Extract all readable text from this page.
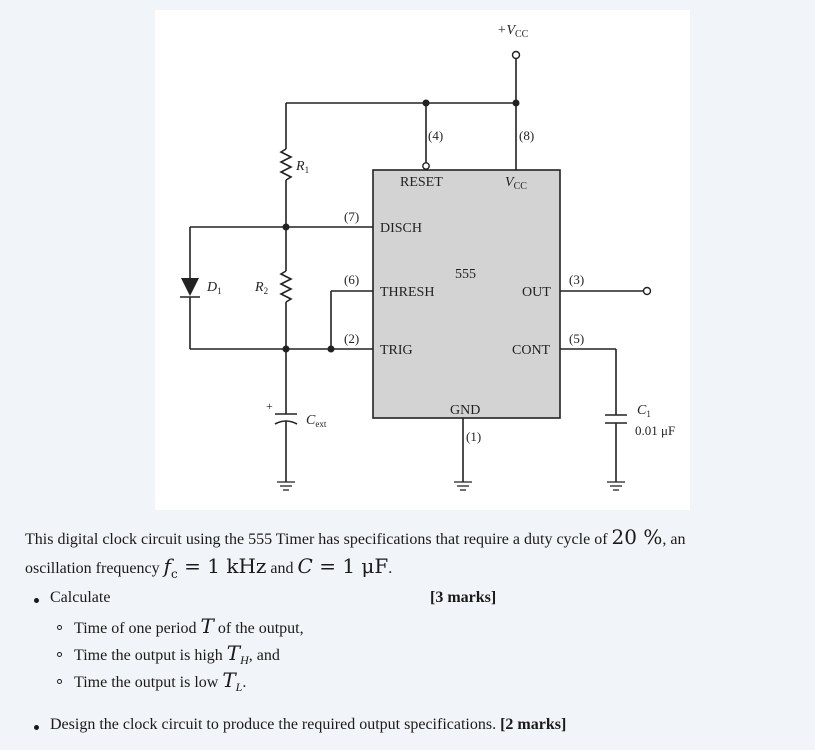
$+V_{CC}$
(4)	(8)
(7)
(6)
(2)
(3)
(5)
(1)
RESET	$V_{CC}$
DISCH
THRESH
TRIG
555
OUT
CONT
GND
$R_1$
$R_2$
$D_1$
$C_{ext}$
+	$C_1$
0.01 μF
This digital clock circuit using the 555 Timer has specifications that require a duty cycle of 20 %, an
oscillation frequency $f_c = 1$ kHz and C = 1 μF.
Calculate	[3 marks]
Time of one period T of the output,
Time the output is high $T_H$, and
Time the output is low $T_L$.
Design the clock circuit to produce the required output specifications. [2 marks]
